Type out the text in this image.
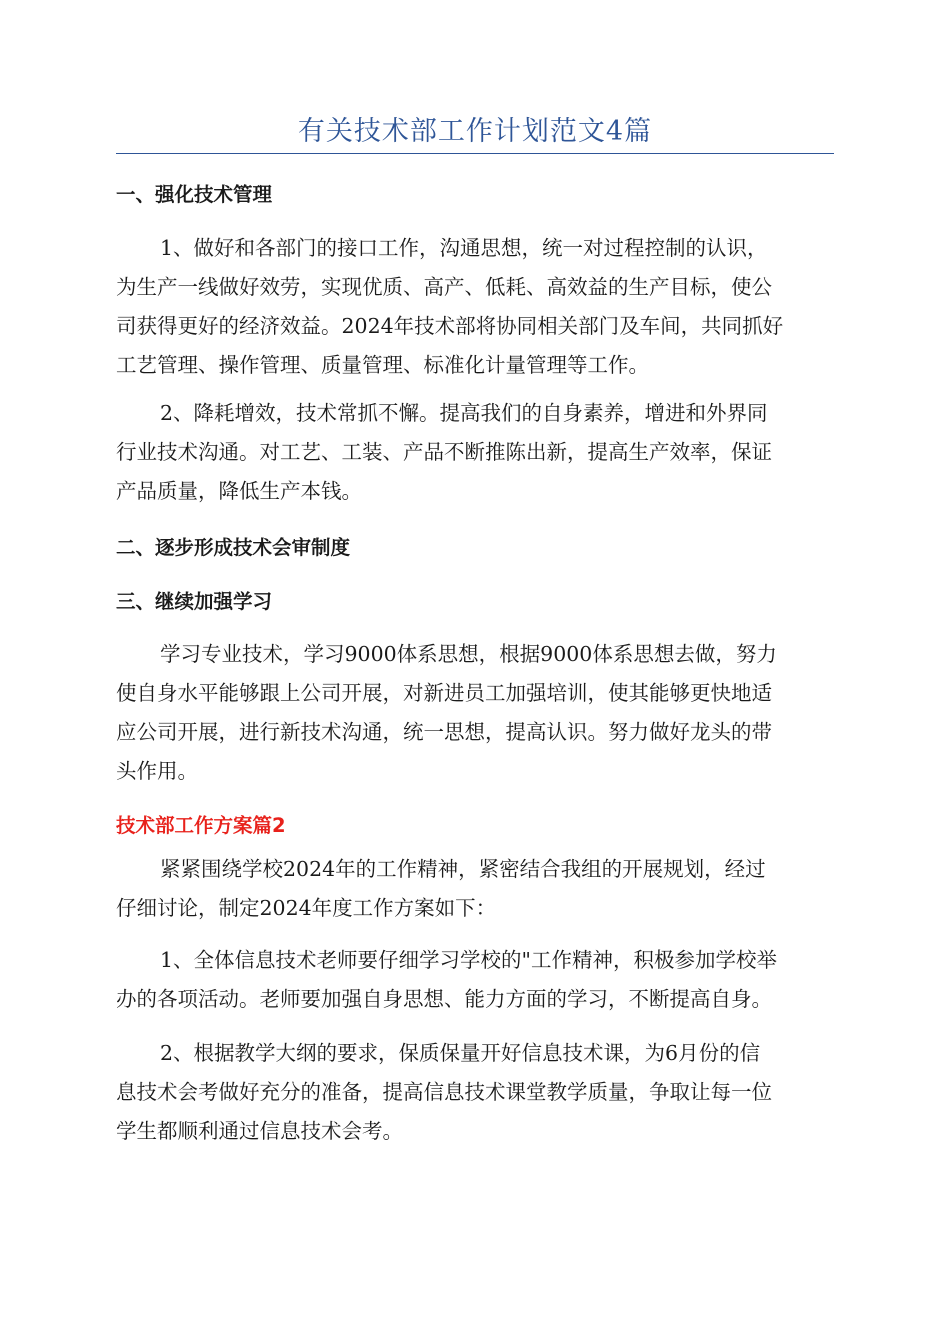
有关技术部工作计划范文4篇
一、强化技术管理
1、做好和各部门的接口工作，沟通思想，统一对过程控制的认识，
为生产一线做好效劳，实现优质、高产、低耗、高效益的生产目标，使公
司获得更好的经济效益。2024年技术部将协同相关部门及车间，共同抓好
工艺管理、操作管理、质量管理、标准化计量管理等工作。
2、降耗增效，技术常抓不懈。提高我们的自身素养，增进和外界同
行业技术沟通。对工艺、工装、产品不断推陈出新，提高生产效率，保证
产品质量，降低生产本钱。
二、逐步形成技术会审制度
三、继续加强学习
学习专业技术，学习9000体系思想，根据9000体系思想去做，努力
使自身水平能够跟上公司开展，对新进员工加强培训，使其能够更快地适
应公司开展，进行新技术沟通，统一思想，提高认识。努力做好龙头的带
头作用。
技术部工作方案篇2
紧紧围绕学校2024年的工作精神，紧密结合我组的开展规划，经过
仔细讨论，制定2024年度工作方案如下：
1、全体信息技术老师要仔细学习学校的"工作精神，积极参加学校举
办的各项活动。老师要加强自身思想、能力方面的学习，不断提高自身。
2、根据教学大纲的要求，保质保量开好信息技术课，为6月份的信
息技术会考做好充分的准备，提高信息技术课堂教学质量，争取让每一位
学生都顺利通过信息技术会考。
